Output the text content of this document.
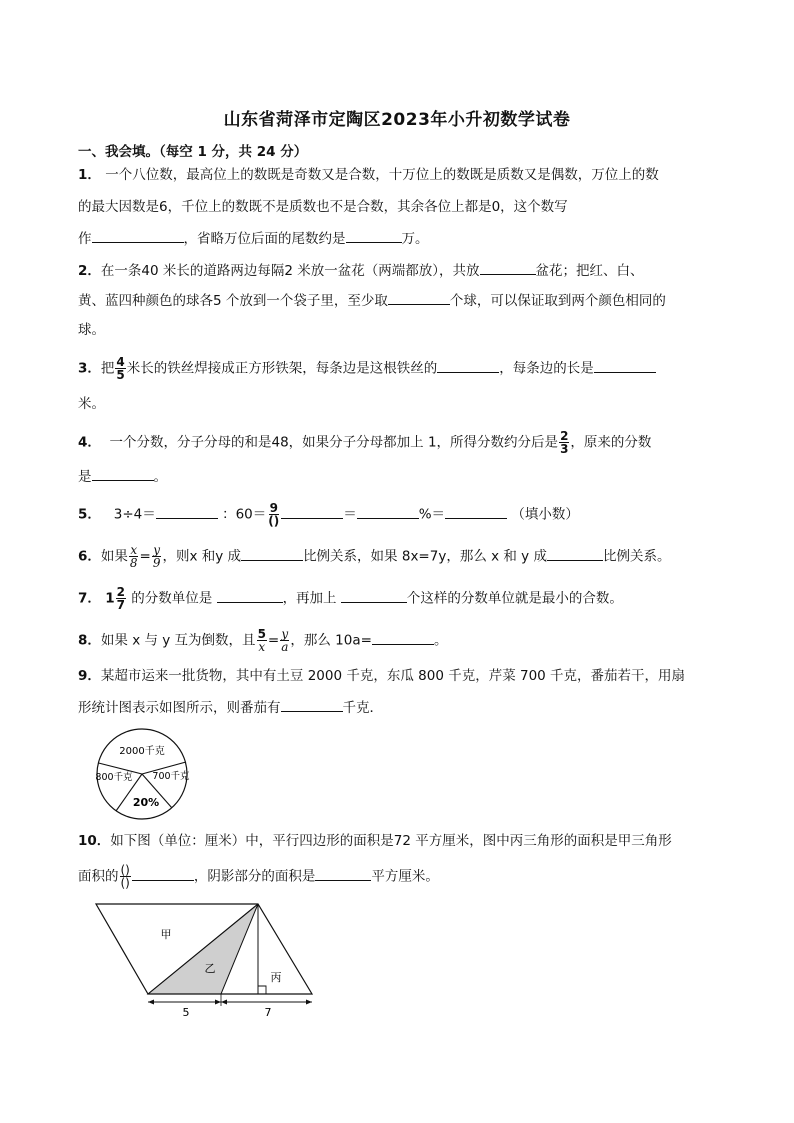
山东省菏泽市定陶区2023年小升初数学试卷
一、我会填。（每空 1 分，共 24 分）
1． 一个八位数，最高位上的数既是奇数又是合数，十万位上的数既是质数又是偶数，万位上的数
的最大因数是6，千位上的数既不是质数也不是合数，其余各位上都是0，这个数写
作	，省略万位后面的尾数约是	万。
2．在一条40 米长的道路两边每隔2 米放一盆花（两端都放），共放	盆花；把红、白、
黄、蓝四种颜色的球各5 个放到一个袋子里，至少取	个球，可以保证取到两个颜色相同的
球。
3．把 $\frac{4}{5}$ 米长的铁丝焊接成正方形铁架，每条边是这根铁丝的	，每条边的长是
米。
4． 一个分数，分子分母的和是48，如果分子分母都加上 1，所得分数约分后是 $\frac{2}{3}$ ，原来的分数
是	。
5． 3÷4＝	：$60= \frac{9}{()}$	＝	%＝	（填小数）
6．如果 $\frac{x}{8} = \frac{y}{9}$ ，则x 和y 成	比例关系，如果 8x=7y，那么 x 和 y 成	比例关系。
7． $1 \frac{2}{7}$ 的分数单位是	，再加上	个这样的分数单位就是最小的合数。
8．如果 x 与 y 互为倒数，且 $\frac{5}{x} = \frac{y}{a}$ ，那么 10a=	。
9．某超市运来一批货物，其中有土豆 2000 千克，东瓜 800 千克，芹菜 700 千克，番茄若干，用扇
形统计图表示如图所示，则番茄有	千克．
2000千克
800千克 700千克
20%
10．如下图（单位：厘米）中，平行四边形的面积是72 平方厘米，图中丙三角形的面积是甲三角形
面积的 $\frac{()}{()}$	，阴影部分的面积是	平方厘米。
甲
乙
丙
5	7
